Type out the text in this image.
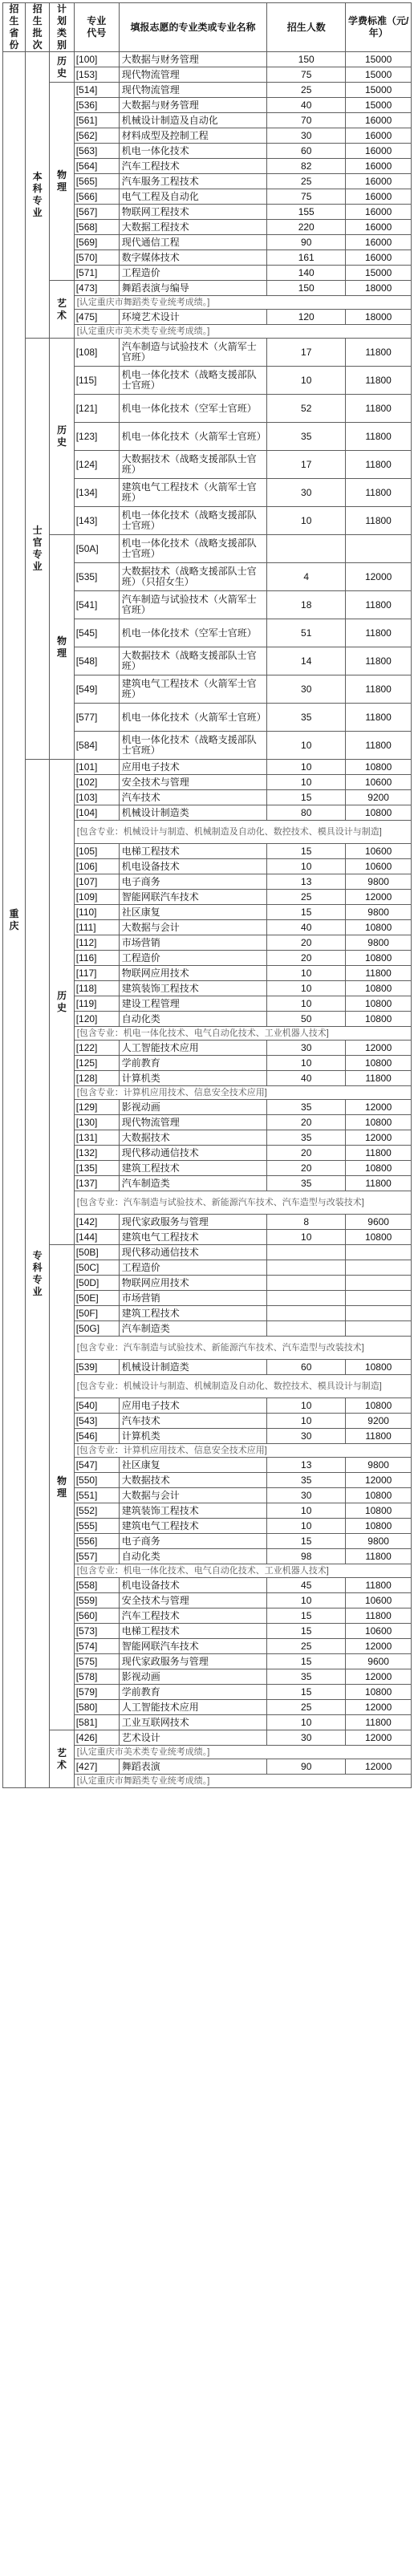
招生省份	招生批次	计划类别	专业代号	填报志愿的专业类或专业名称	招生人数	学费标准（元/年）
重庆	本科专业	历史	[100]	大数据与财务管理	150	15000
			[153]	现代物流管理	75	15000
		物理	[514]	现代物流管理	25	15000
			[536]	大数据与财务管理	40	15000
			[561]	机械设计制造及自动化	70	16000
			[562]	材料成型及控制工程	30	16000
			[563]	机电一体化技术	60	16000
			[564]	汽车工程技术	82	16000
			[565]	汽车服务工程技术	25	16000
			[566]	电气工程及自动化	75	16000
			[567]	物联网工程技术	155	16000
			[568]	大数据工程技术	220	16000
			[569]	现代通信工程	90	16000
			[570]	数字媒体技术	161	16000
			[571]	工程造价	140	15000
		艺术	[473]	舞蹈表演与编导	150	18000
			[认定重庆市舞蹈类专业统考成绩。]			
			[475]	环境艺术设计	120	18000
			[认定重庆市美术类专业统考成绩。]			
	士官专业	历史	[108]	汽车制造与试验技术（火箭军士官班）	17	11800
			[115]	机电一体化技术（战略支援部队士官班）	10	11800
			[121]	机电一体化技术（空军士官班）	52	11800
			[123]	机电一体化技术（火箭军士官班）	35	11800
			[124]	大数据技术（战略支援部队士官班）	17	11800
			[134]	建筑电气工程技术（火箭军士官班）	30	11800
			[143]	机电一体化技术（战略支援部队士官班）	10	11800
		物理	[50A]	机电一体化技术（战略支援部队士官班）		
			[535]	大数据技术（战略支援部队士官班）（只招女生）	4	12000
			[541]	汽车制造与试验技术（火箭军士官班）	18	11800
			[545]	机电一体化技术（空军士官班）	51	11800
			[548]	大数据技术（战略支援部队士官班）	14	11800
			[549]	建筑电气工程技术（火箭军士官班）	30	11800
			[577]	机电一体化技术（火箭军士官班）	35	11800
			[584]	机电一体化技术（战略支援部队士官班）	10	11800
	专科专业	历史	[101]	应用电子技术	10	10800
			[102]	安全技术与管理	10	10600
			[103]	汽车技术	15	9200
			[104]	机械设计制造类	80	10800
			[包含专业：机械设计与制造、机械制造及自动化、数控技术、模具设计与制造]			
			[105]	电梯工程技术	15	10600
			[106]	机电设备技术	10	10600
			[107]	电子商务	13	9800
			[109]	智能网联汽车技术	25	12000
			[110]	社区康复	15	9800
			[111]	大数据与会计	40	10800
			[112]	市场营销	20	9800
			[116]	工程造价	20	10800
			[117]	物联网应用技术	10	11800
			[118]	建筑装饰工程技术	10	10800
			[119]	建设工程管理	10	10800
			[120]	自动化类	50	10800
			[包含专业：机电一体化技术、电气自动化技术、工业机器人技术]			
			[122]	人工智能技术应用	30	12000
			[125]	学前教育	10	10800
			[128]	计算机类	40	11800
			[包含专业：计算机应用技术、信息安全技术应用]			
			[129]	影视动画	35	12000
			[130]	现代物流管理	20	10800
			[131]	大数据技术	35	12000
			[132]	现代移动通信技术	20	11800
			[135]	建筑工程技术	20	10800
			[137]	汽车制造类	35	11800
			[包含专业：汽车制造与试验技术、新能源汽车技术、汽车造型与改装技术]			
			[142]	现代家政服务与管理	8	9600
			[144]	建筑电气工程技术	10	10800
		物理	[50B]	现代移动通信技术		
			[50C]	工程造价		
			[50D]	物联网应用技术		
			[50E]	市场营销		
			[50F]	建筑工程技术		
			[50G]	汽车制造类		
			[包含专业：汽车制造与试验技术、新能源汽车技术、汽车造型与改装技术]			
			[539]	机械设计制造类	60	10800
			[包含专业：机械设计与制造、机械制造及自动化、数控技术、模具设计与制造]			
			[540]	应用电子技术	10	10800
			[543]	汽车技术	10	9200
			[546]	计算机类	30	11800
			[包含专业：计算机应用技术、信息安全技术应用]			
			[547]	社区康复	13	9800
			[550]	大数据技术	35	12000
			[551]	大数据与会计	30	10800
			[552]	建筑装饰工程技术	10	10800
			[555]	建筑电气工程技术	10	10800
			[556]	电子商务	15	9800
			[557]	自动化类	98	11800
			[包含专业：机电一体化技术、电气自动化技术、工业机器人技术]			
			[558]	机电设备技术	45	11800
			[559]	安全技术与管理	10	10600
			[560]	汽车工程技术	15	11800
			[573]	电梯工程技术	15	10600
			[574]	智能网联汽车技术	25	12000
			[575]	现代家政服务与管理	15	9600
			[578]	影视动画	35	12000
			[579]	学前教育	15	10800
			[580]	人工智能技术应用	25	12000
			[581]	工业互联网技术	10	11800
		艺术	[426]	艺术设计	30	12000
			[认定重庆市美术类专业统考成绩。]			
			[427]	舞蹈表演	90	12000
			[认定重庆市舞蹈类专业统考成绩。]			
